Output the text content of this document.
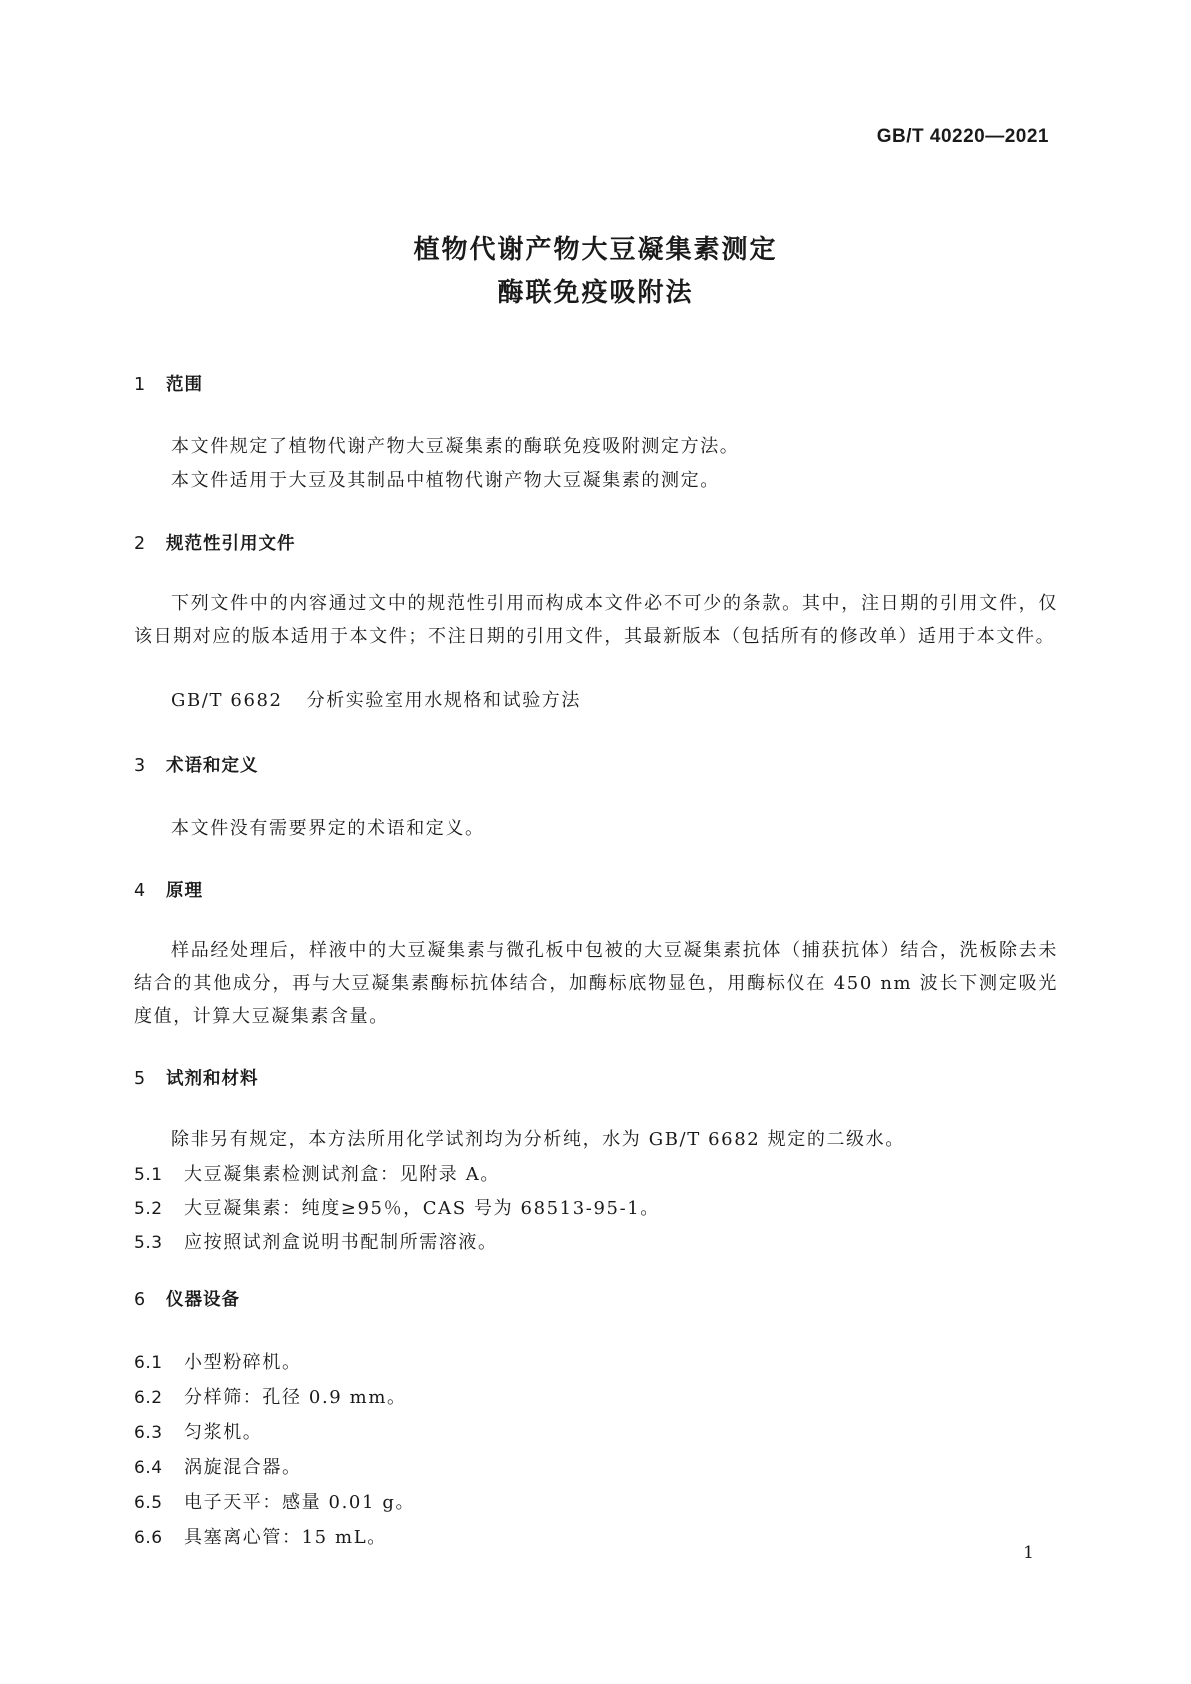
GB/T 40220—2021
植物代谢产物大豆凝集素测定
酶联免疫吸附法
1 范围
本文件规定了植物代谢产物大豆凝集素的酶联免疫吸附测定方法。
本文件适用于大豆及其制品中植物代谢产物大豆凝集素的测定。
2 规范性引用文件

下列文件中的内容通过文中的规范性引用而构成本文件必不可少的条款。其中，注日期的引用文件，仅该日期对应的版本适用于本文件；不注日期的引用文件，其最新版本（包括所有的修改单）适用于本文件。

GB/T 6682 分析实验室用水规格和试验方法
3 术语和定义
本文件没有需要界定的术语和定义。
4 原理

样品经处理后，样液中的大豆凝集素与微孔板中包被的大豆凝集素抗体（捕获抗体）结合，洗板除去未结合的其他成分，再与大豆凝集素酶标抗体结合，加酶标底物显色，用酶标仪在 450 nm 波长下测定吸光度值，计算大豆凝集素含量。

5 试剂和材料
除非另有规定，本方法所用化学试剂均为分析纯，水为 GB/T 6682 规定的二级水。
5.1 大豆凝集素检测试剂盒：见附录 A。
5.2 大豆凝集素：纯度≥95％，CAS 号为 68513-95-1。
5.3 应按照试剂盒说明书配制所需溶液。
6 仪器设备
6.1 小型粉碎机。
6.2 分样筛：孔径 0.9 mm。
6.3 匀浆机。
6.4 涡旋混合器。
6.5 电子天平：感量 0.01 g。
6.6 具塞离心管：15 mL。
1
